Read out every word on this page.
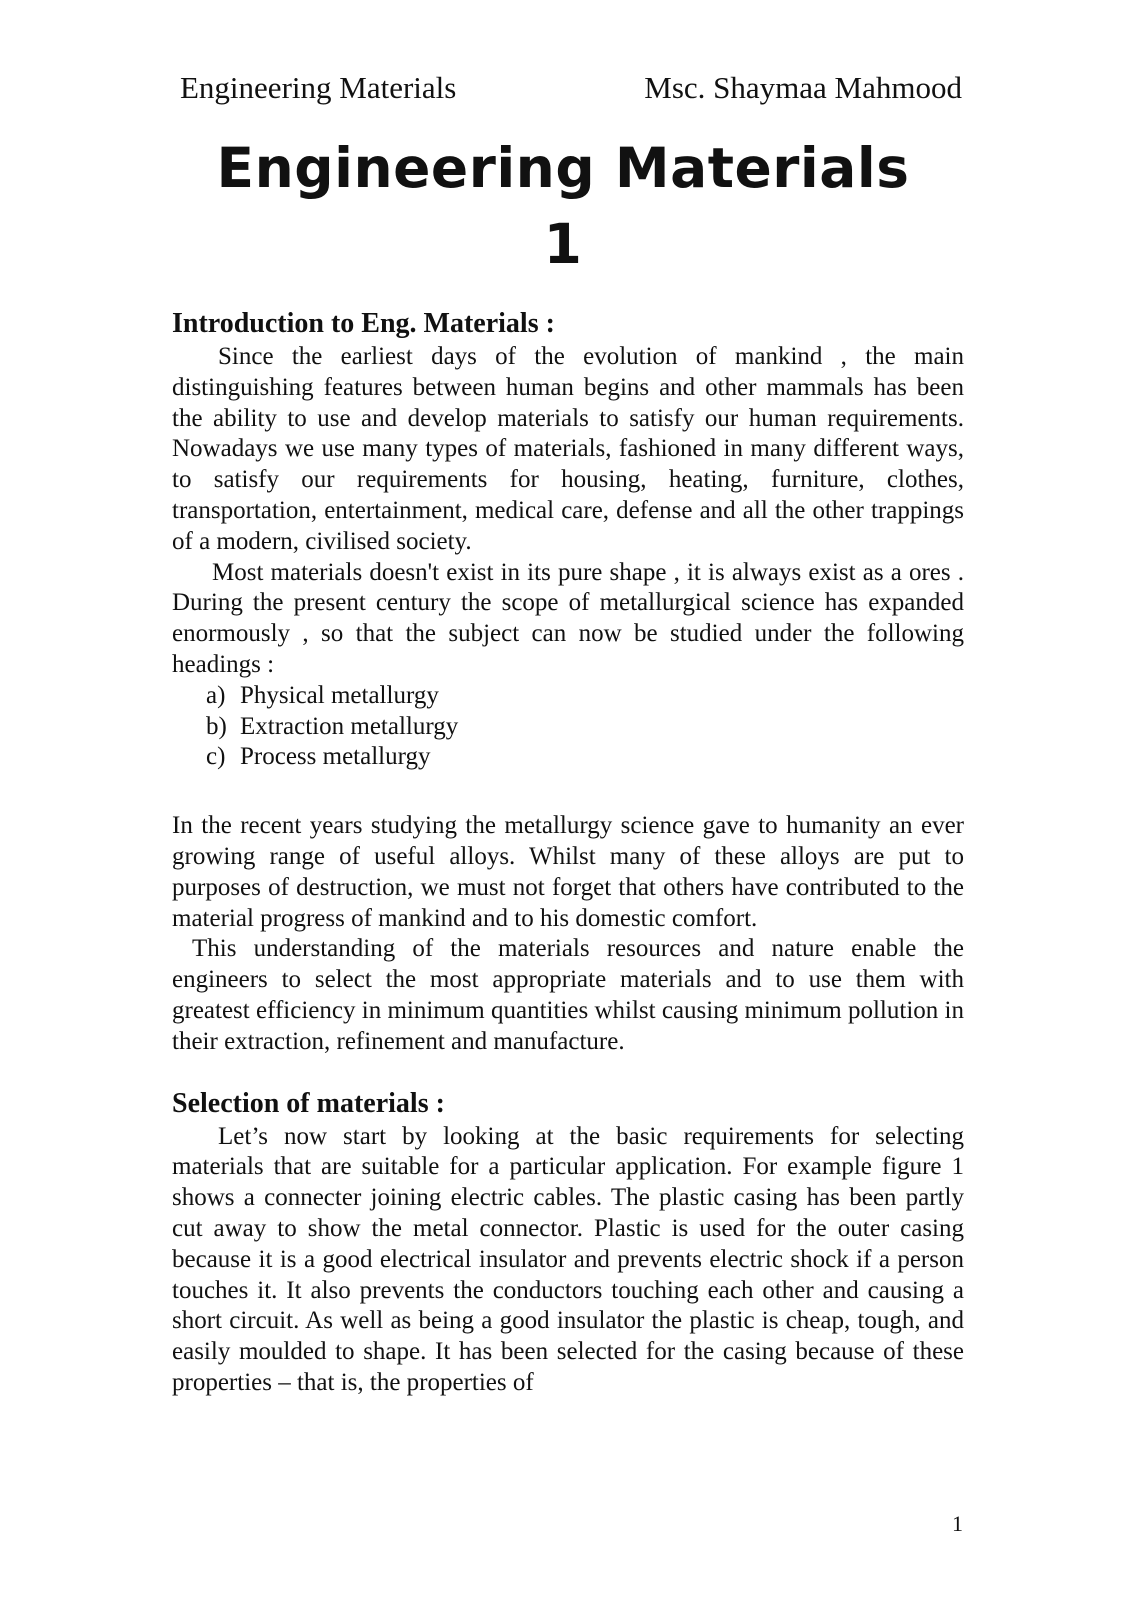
Engineering Materials	Msc. Shaymaa Mahmood
Engineering Materials
1
Introduction to Eng. Materials :

Since the earliest days of the evolution of mankind , the main distinguishing features between human begins and other mammals has been the ability to use and develop materials to satisfy our human requirements. Nowadays we use many types of materials, fashioned in many different ways, to satisfy our requirements for housing, heating, furniture, clothes, transportation, entertainment, medical care, defense and all the other trappings of a modern, civilised society.

Most materials doesn't exist in its pure shape , it is always exist as a ores . During the present century the scope of metallurgical science has expanded enormously , so that the subject can now be studied under the following headings :

a) Physical metallurgy
b) Extraction metallurgy
c) Process metallurgy

In the recent years studying the metallurgy science gave to humanity an ever growing range of useful alloys. Whilst many of these alloys are put to purposes of destruction, we must not forget that others have contributed to the material progress of mankind and to his domestic comfort.

This understanding of the materials resources and nature enable the engineers to select the most appropriate materials and to use them with greatest efficiency in minimum quantities whilst causing minimum pollution in their extraction, refinement and manufacture.

Selection of materials :

Let’s now start by looking at the basic requirements for selecting materials that are suitable for a particular application. For example figure 1 shows a connecter joining electric cables. The plastic casing has been partly cut away to show the metal connector. Plastic is used for the outer casing because it is a good electrical insulator and prevents electric shock if a person touches it. It also prevents the conductors touching each other and causing a short circuit. As well as being a good insulator the plastic is cheap, tough, and easily moulded to shape. It has been selected for the casing because of these properties – that is, the properties of

1
